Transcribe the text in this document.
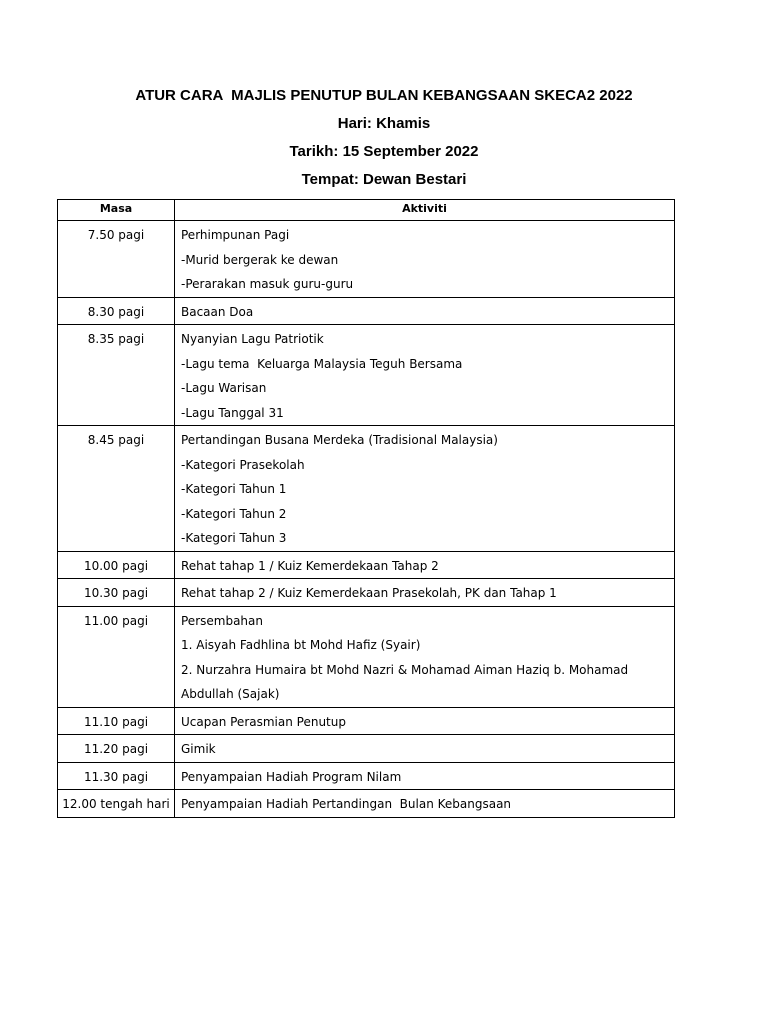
ATUR CARA  MAJLIS PENUTUP BULAN KEBANGSAAN SKECA2 2022
Hari: Khamis
Tarikh: 15 September 2022
Tempat: Dewan Bestari
Masa	Aktiviti

7.50 pagi	Perhimpunan Pagi
-Murid bergerak ke dewan
-Perarakan masuk guru-guru

8.30 pagi	Bacaan Doa

8.35 pagi	Nyanyian Lagu Patriotik
-Lagu tema  Keluarga Malaysia Teguh Bersama
-Lagu Warisan
-Lagu Tanggal 31

8.45 pagi	Pertandingan Busana Merdeka (Tradisional Malaysia)
-Kategori Prasekolah
-Kategori Tahun 1
-Kategori Tahun 2
-Kategori Tahun 3

10.00 pagi	Rehat tahap 1 / Kuiz Kemerdekaan Tahap 2

10.30 pagi	Rehat tahap 2 / Kuiz Kemerdekaan Prasekolah, PK dan Tahap 1

11.00 pagi	Persembahan
1. Aisyah Fadhlina bt Mohd Hafiz (Syair)
2. Nurzahra Humaira bt Mohd Nazri & Mohamad Aiman Haziq b. Mohamad Abdullah (Sajak)

11.10 pagi	Ucapan Perasmian Penutup

11.20 pagi	Gimik

11.30 pagi	Penyampaian Hadiah Program Nilam

12.00 tengah hari	Penyampaian Hadiah Pertandingan  Bulan Kebangsaan
